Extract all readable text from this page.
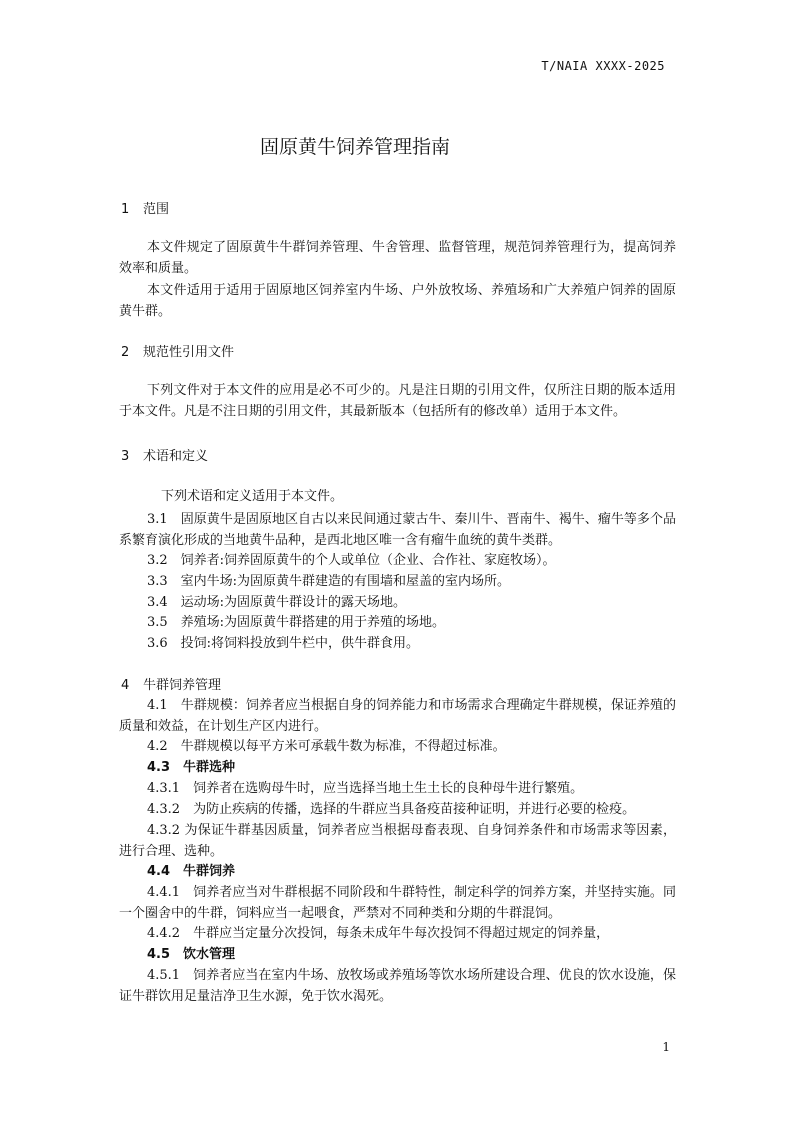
T/NAIA XXXX-2025
固原黄牛饲养管理指南
1 范围

本文件规定了固原黄牛牛群饲养管理、牛舍管理、监督管理，规范饲养管理行为，提高饲养效率和质量。

本文件适用于适用于固原地区饲养室内牛场、户外放牧场、养殖场和广大养殖户饲养的固原黄牛群。

2 规范性引用文件

下列文件对于本文件的应用是必不可少的。凡是注日期的引用文件，仅所注日期的版本适用于本文件。凡是不注日期的引用文件，其最新版本（包括所有的修改单）适用于本文件。

3 术语和定义

下列术语和定义适用于本文件。

3.1　固原黄牛是固原地区自古以来民间通过蒙古牛、秦川牛、晋南牛、褐牛、瘤牛等多个品系繁育演化形成的当地黄牛品种，是西北地区唯一含有瘤牛血统的黄牛类群。

3.2　饲养者:饲养固原黄牛的个人或单位（企业、合作社、家庭牧场）。

3.3　室内牛场:为固原黄牛群建造的有围墙和屋盖的室内场所。

3.4　运动场:为固原黄牛群设计的露天场地。

3.5　养殖场:为固原黄牛群搭建的用于养殖的场地。

3.6　投饲:将饲料投放到牛栏中，供牛群食用。

4 牛群饲养管理

4.1　牛群规模：饲养者应当根据自身的饲养能力和市场需求合理确定牛群规模，保证养殖的质量和效益，在计划生产区内进行。

4.2　牛群规模以每平方米可承载牛数为标准，不得超过标准。

4.3　牛群选种

4.3.1　饲养者在选购母牛时，应当选择当地土生土长的良种母牛进行繁殖。

4.3.2　为防止疾病的传播，选择的牛群应当具备疫苗接种证明，并进行必要的检疫。

4.3.2 为保证牛群基因质量，饲养者应当根据母畜表现、自身饲养条件和市场需求等因素，进行合理、选种。

4.4　牛群饲养

4.4.1　饲养者应当对牛群根据不同阶段和牛群特性，制定科学的饲养方案，并坚持实施。同一个圈舍中的牛群，饲料应当一起喂食，严禁对不同种类和分期的牛群混饲。

4.4.2　牛群应当定量分次投饲，每条未成年牛每次投饲不得超过规定的饲养量，

4.5　饮水管理

4.5.1　饲养者应当在室内牛场、放牧场或养殖场等饮水场所建设合理、优良的饮水设施，保证牛群饮用足量洁净卫生水源，免于饮水渴死。

1
